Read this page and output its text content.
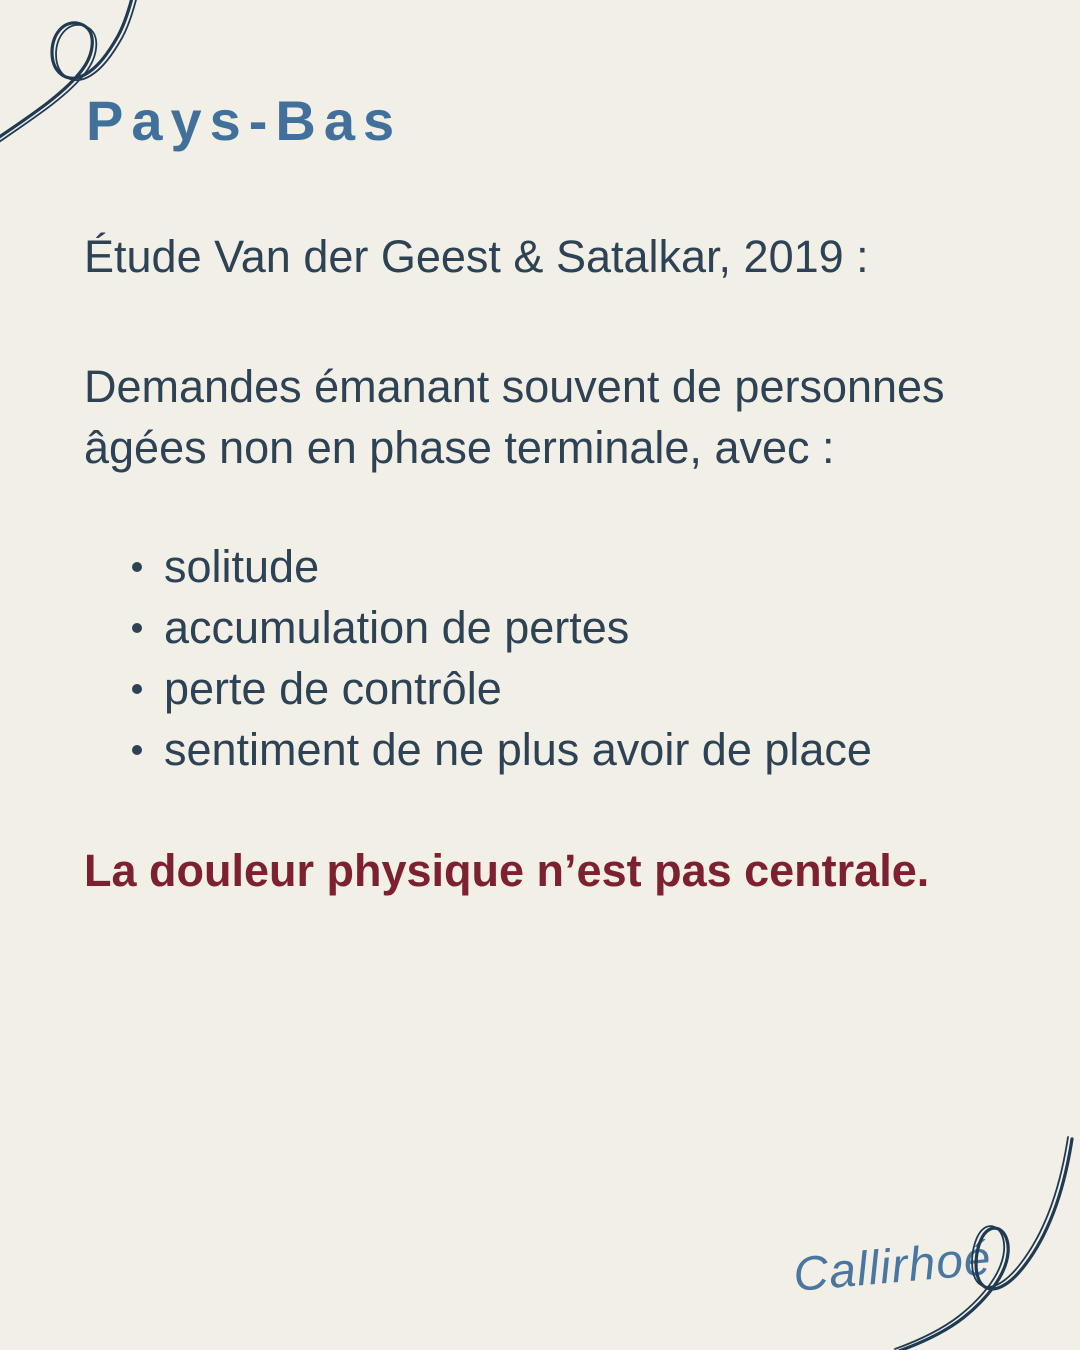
Pays-Bas

Étude Van der Geest & Satalkar, 2019 :

Demandes émanant souvent de personnes
âgées non en phase terminale, avec :
solitude
accumulation de pertes
perte de contrôle
sentiment de ne plus avoir de place

La douleur physique n’est pas centrale.

Callirhoé
